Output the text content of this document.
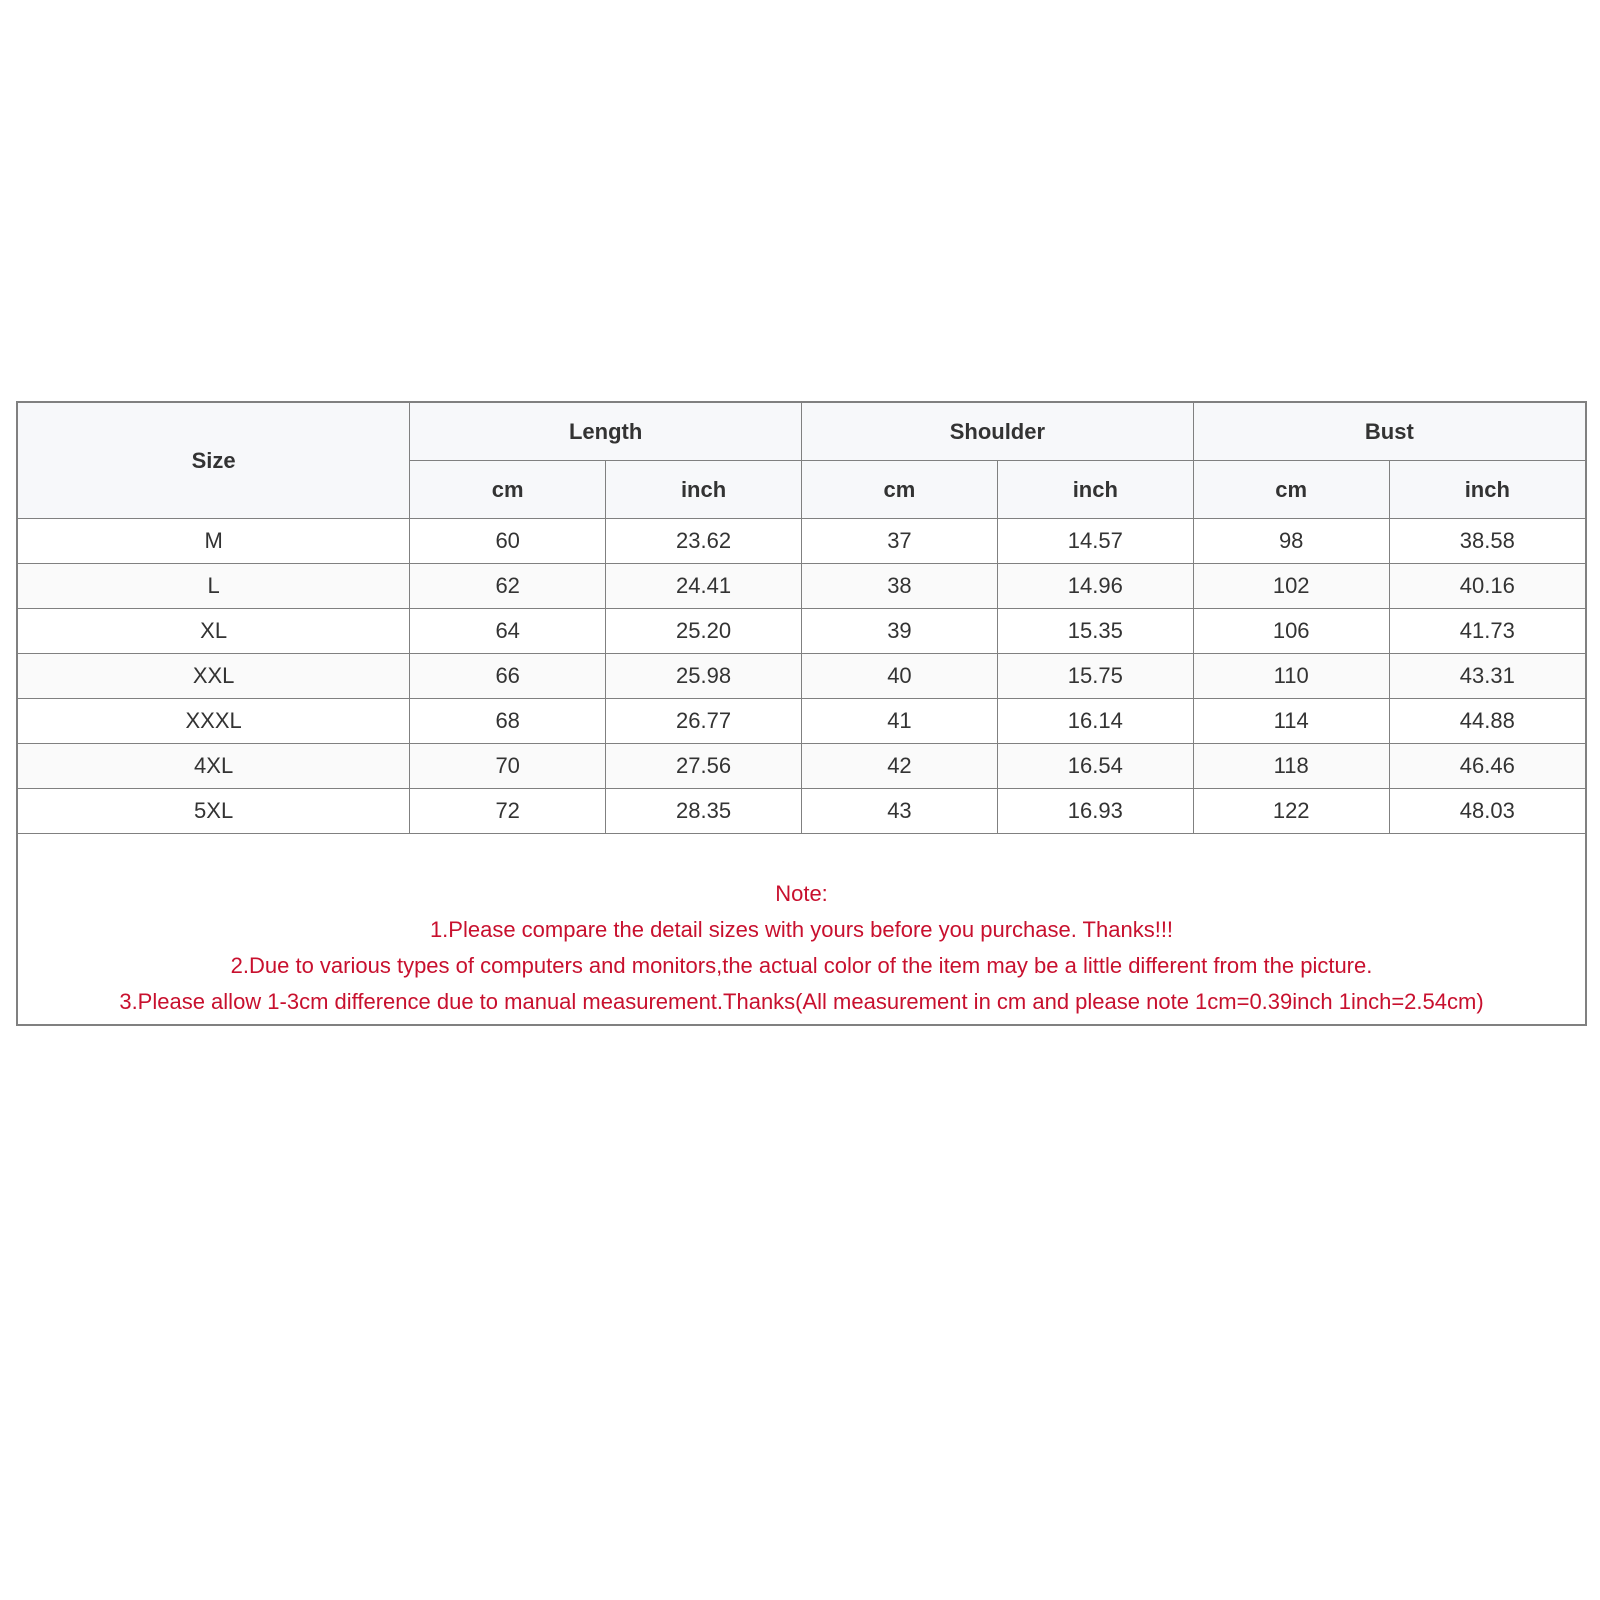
Size	Length		Shoulder		Bust	
	cm	inch	cm	inch	cm	inch
M	60	23.62	37	14.57	98	38.58
L	62	24.41	38	14.96	102	40.16
XL	64	25.20	39	15.35	106	41.73
XXL	66	25.98	40	15.75	110	43.31
XXXL	68	26.77	41	16.14	114	44.88
4XL	70	27.56	42	16.54	118	46.46
5XL	72	28.35	43	16.93	122	48.03
Note:
1.Please compare the detail sizes with yours before you purchase. Thanks!!!
2.Due to various types of computers and monitors,the actual color of the item may be a little different from the picture.
3.Please allow 1-3cm difference due to manual measurement.Thanks(All measurement in cm and please note 1cm=0.39inch 1inch=2.54cm)
